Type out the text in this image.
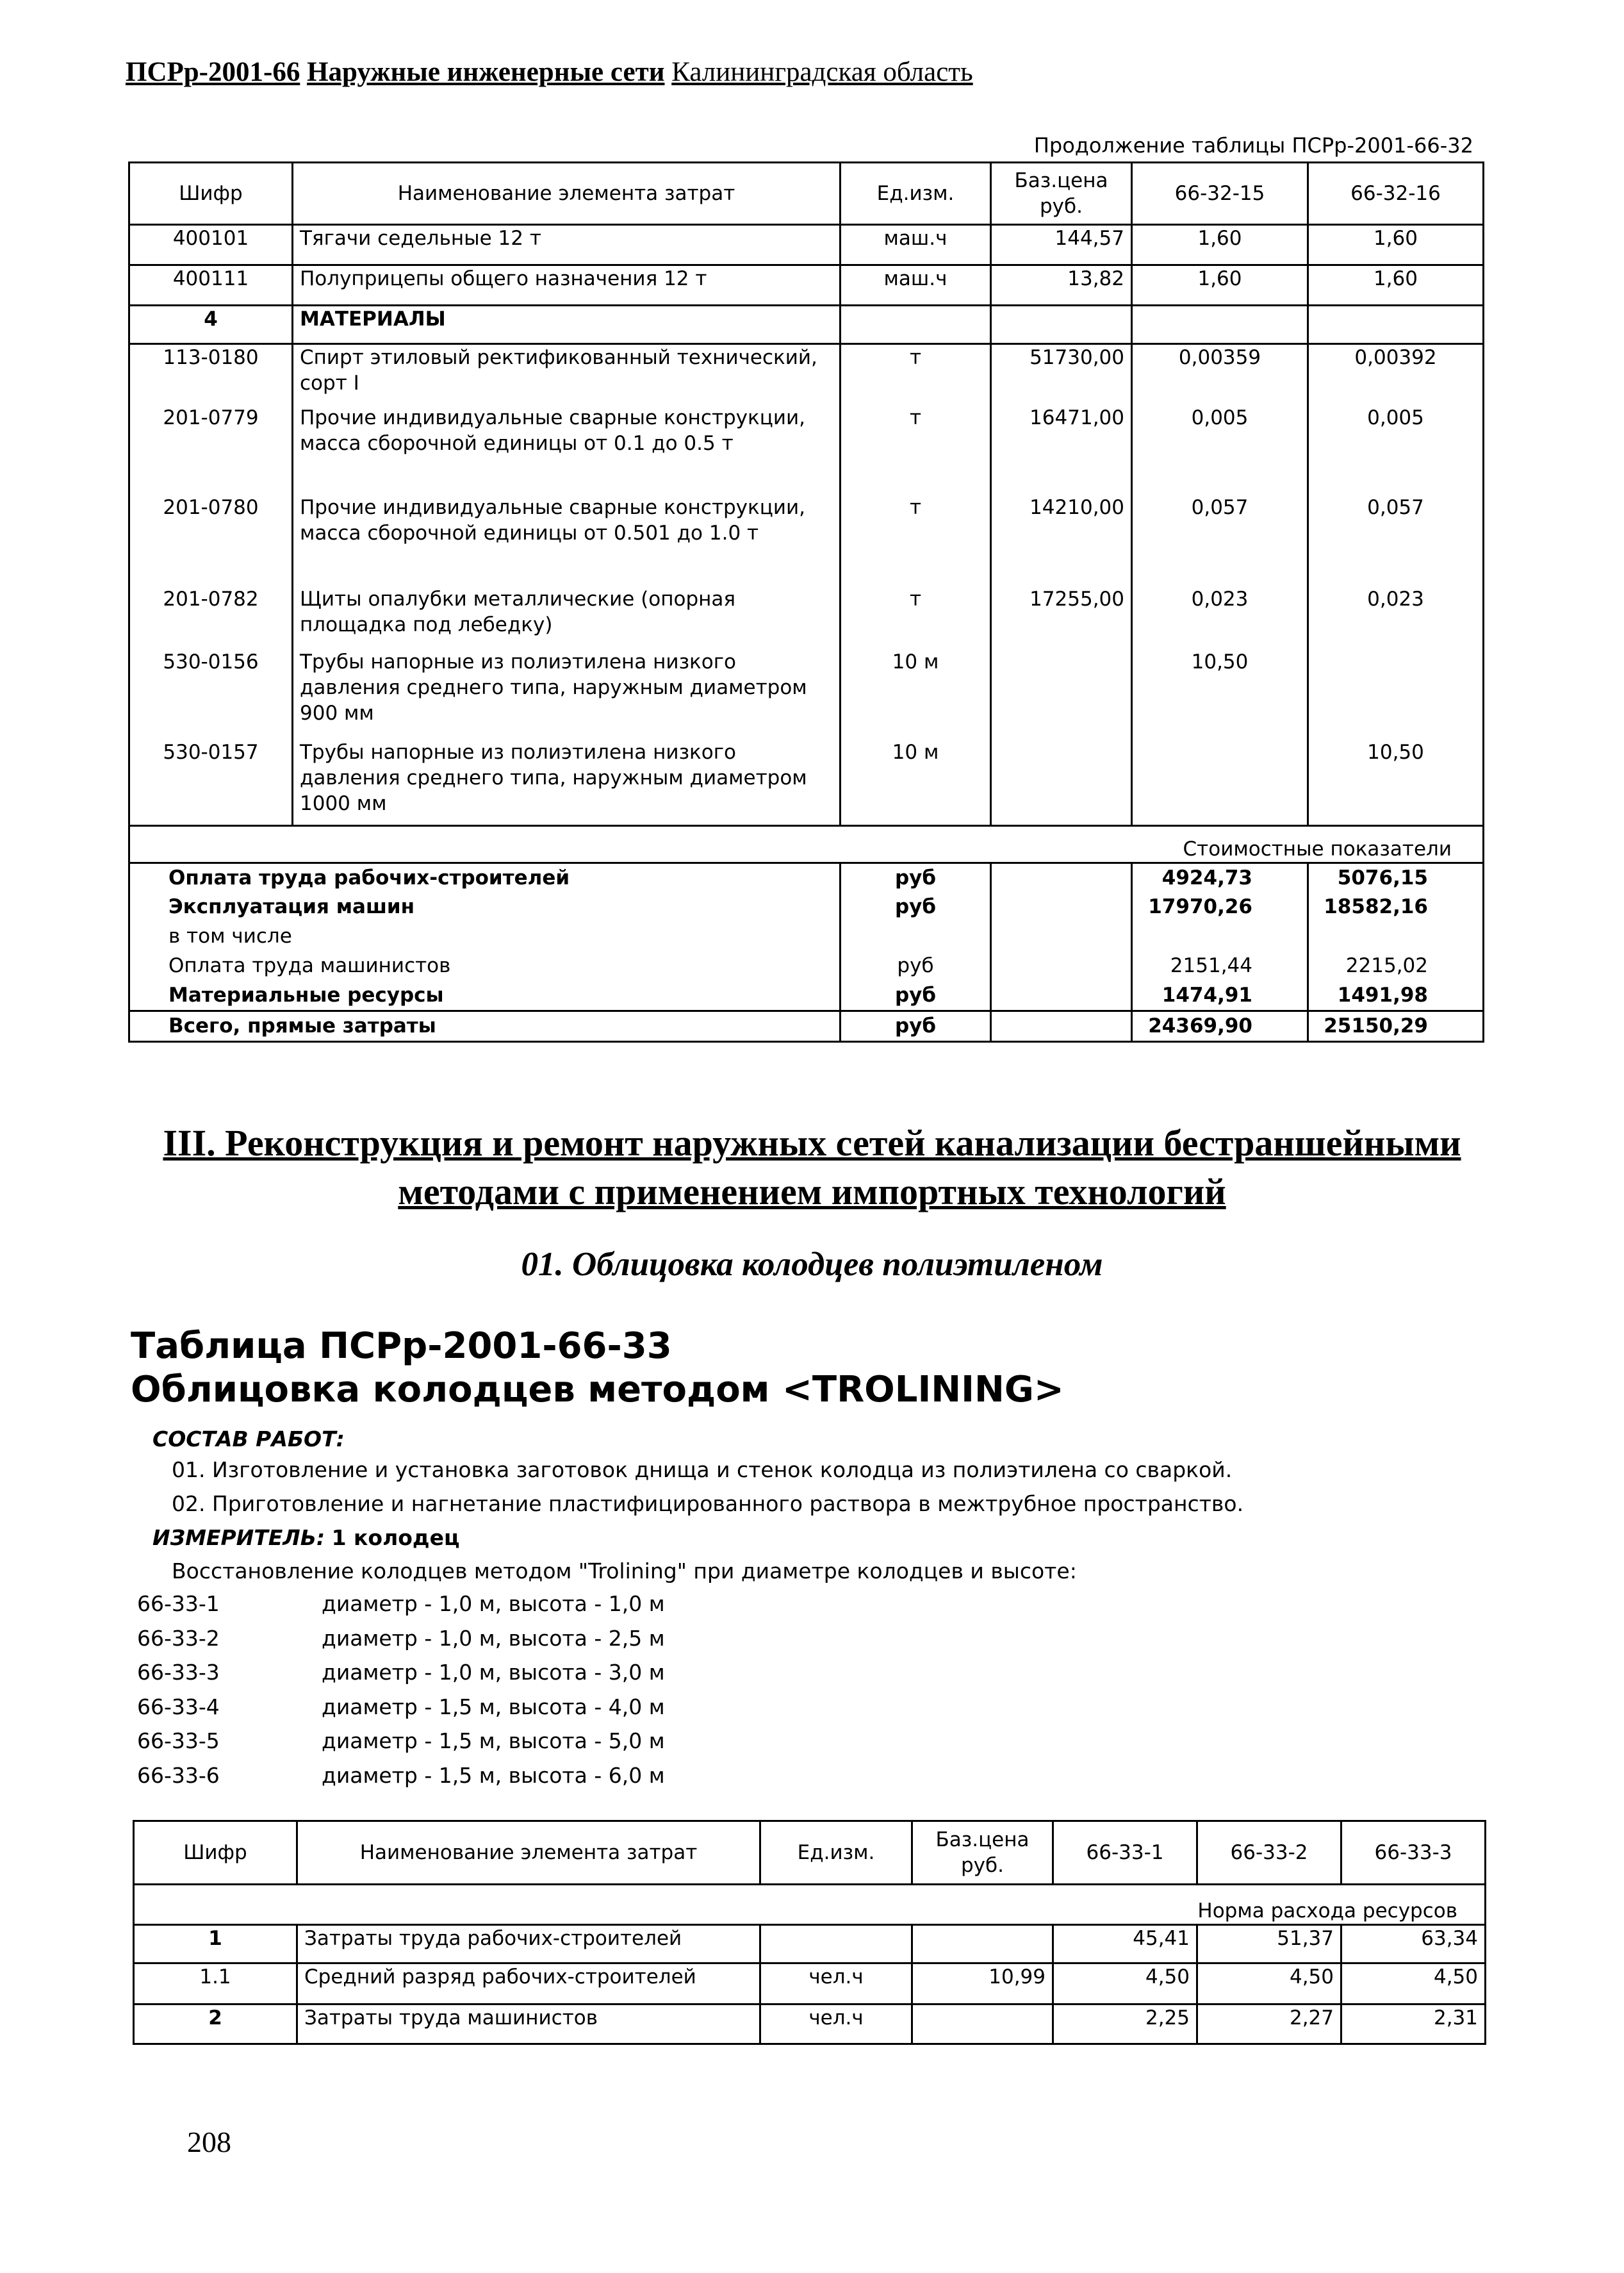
ПСРр-2001-66 Наружные инженерные сети Калининградская область
Продолжение таблицы ПСРр-2001-66-32
Шифр	Наименование элемента затрат	Ед.изм.	Баз.цена руб.	66-32-15	66-32-16
400101	Тягачи седельные 12 т	маш.ч	144,57	1,60	1,60
400111	Полуприцепы общего назначения 12 т	маш.ч	13,82	1,60	1,60
4	МАТЕРИАЛЫ				
113-0180	Спирт этиловый ректификованный технический, сорт I	т	51730,00	0,00359	0,00392
201-0779	Прочие индивидуальные сварные конструкции, масса сборочной единицы от 0.1 до 0.5 т	т	16471,00	0,005	0,005
201-0780	Прочие индивидуальные сварные конструкции, масса сборочной единицы от 0.501 до 1.0 т	т	14210,00	0,057	0,057
201-0782	Щиты опалубки металлические (опорная площадка под лебедку)	т	17255,00	0,023	0,023
530-0156	Трубы напорные из полиэтилена низкого давления среднего типа, наружным диаметром 900 мм	10 м		10,50	
530-0157	Трубы напорные из полиэтилена низкого давления среднего типа, наружным диаметром 1000 мм	10 м			10,50
Стоимостные показатели					
Оплата труда рабочих-строителей		руб		4924,73	5076,15
Эксплуатация машин		руб		17970,26	18582,16
в том числе					
Оплата труда машинистов		руб		2151,44	2215,02
Материальные ресурсы		руб		1474,91	1491,98
Всего, прямые затраты		руб		24369,90	25150,29
III. Реконструкция и ремонт наружных сетей канализации бестраншейными
методами с применением импортных технологий
01. Облицовка колодцев полиэтиленом
Таблица ПСРр-2001-66-33
Облицовка колодцев методом <TROLINING>
СОСТАВ РАБОТ:
01. Изготовление и установка заготовок днища и стенок колодца из полиэтилена со сваркой.
02. Приготовление и нагнетание пластифицированного раствора в межтрубное пространство.
ИЗМЕРИТЕЛЬ: 1 колодец
Восстановление колодцев методом "Trolining" при диаметре колодцев и высоте:
66-33-1	диаметр - 1,0 м, высота - 1,0 м
66-33-2	диаметр - 1,0 м, высота - 2,5 м
66-33-3	диаметр - 1,0 м, высота - 3,0 м
66-33-4	диаметр - 1,5 м, высота - 4,0 м
66-33-5	диаметр - 1,5 м, высота - 5,0 м
66-33-6	диаметр - 1,5 м, высота - 6,0 м
Шифр	Наименование элемента затрат	Ед.изм.	Баз.цена руб.	66-33-1	66-33-2	66-33-3
Норма расхода ресурсов						
1	Затраты труда рабочих-строителей			45,41	51,37	63,34
1.1	Средний разряд рабочих-строителей	чел.ч	10,99	4,50	4,50	4,50
2	Затраты труда машинистов	чел.ч		2,25	2,27	2,31
208
